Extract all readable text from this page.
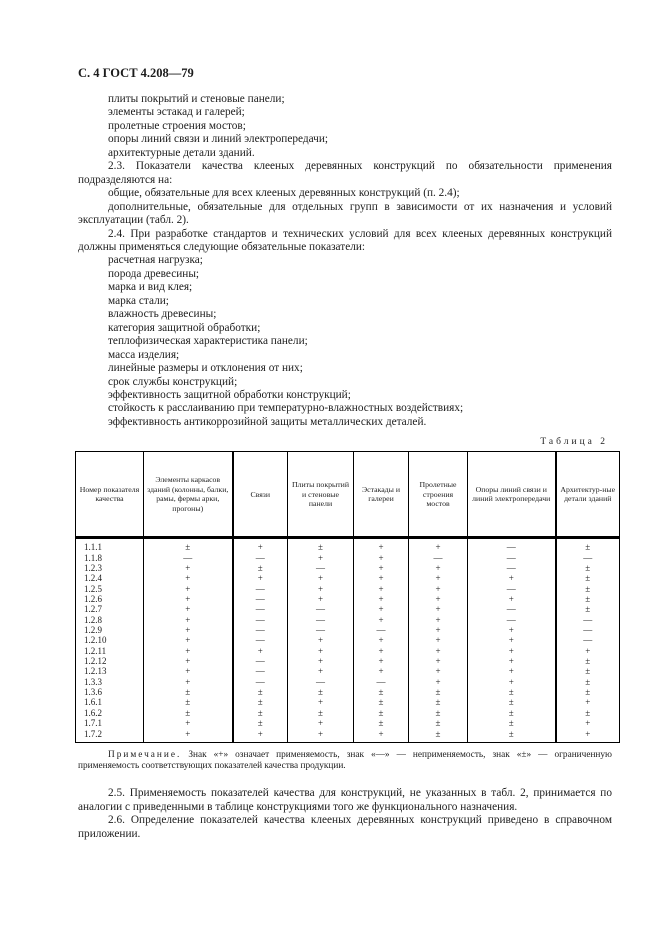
С. 4 ГОСТ 4.208—79

плиты покрытий и стеновые панели;

элементы эстакад и галерей;

пролетные строения мостов;

опоры линий связи и линий электропередачи;

архитектурные детали зданий.

2.3. Показатели качества клееных деревянных конструкций по обязательности применения подразделяются на:

общие, обязательные для всех клееных деревянных конструкций (п. 2.4);

дополнительные, обязательные для отдельных групп в зависимости от их назначения и условий эксплуатации (табл. 2).

2.4. При разработке стандартов и технических условий для всех клееных деревянных конструкций должны применяться следующие обязательные показатели:

расчетная нагрузка;

порода древесины;

марка и вид клея;

марка стали;

влажность древесины;

категория защитной обработки;

теплофизическая характеристика панели;

масса изделия;

линейные размеры и отклонения от них;

срок службы конструкций;

эффективность защитной обработки конструкций;

стойкость к расслаиванию при температурно-влажностных воздействиях;

эффективность антикоррозийной защиты металлических деталей.

Таблица 2
Номер показателя качества	Элементы каркасов зданий (колонны, балки, рамы, фермы арки, прогоны)	Связи	Плиты покрытий и стеновые панели	Эстакады и галереи	Пролетные строения мостов	Опоры линий связи и линий электропередачи	Архитектур-ные детали зданий
1.1.1	±	+	±	+	+	—	±
1.1.8	—	—	+	+	—	—	—
1.2.3	+	±	—	+	+	—	±
1.2.4	+	+	+	+	+	+	±
1.2.5	+	—	+	+	+	—	±
1.2.6	+	—	+	+	+	+	±
1.2.7	+	—	—	+	+	—	±
1.2.8	+	—	—	+	+	—	—
1.2.9	+	—	—	—	+	+	—
1.2.10	+	—	+	+	+	+	—
1.2.11	+	+	+	+	+	+	+
1.2.12	+	—	+	+	+	+	±
1.2.13	+	—	+	+	+	+	±
1.3.3	+	—	—	—	+	+	±
1.3.6	±	±	±	±	±	±	±
1.6.1	±	±	+	±	±	±	+
1.6.2	±	±	±	±	±	±	±
1.7.1	+	±	+	±	±	±	+
1.7.2	+	+	+	+	±	±	+

Примечание. Знак «+» означает применяемость, знак «—» — неприменяемость, знак «±» — ограниченную применяемость соответствующих показателей качества продукции.

2.5. Применяемость показателей качества для конструкций, не указанных в табл. 2, принимается по аналогии с приведенными в таблице конструкциями того же функционального назначения.

2.6. Определение показателей качества клееных деревянных конструкций приведено в справочном приложении.
